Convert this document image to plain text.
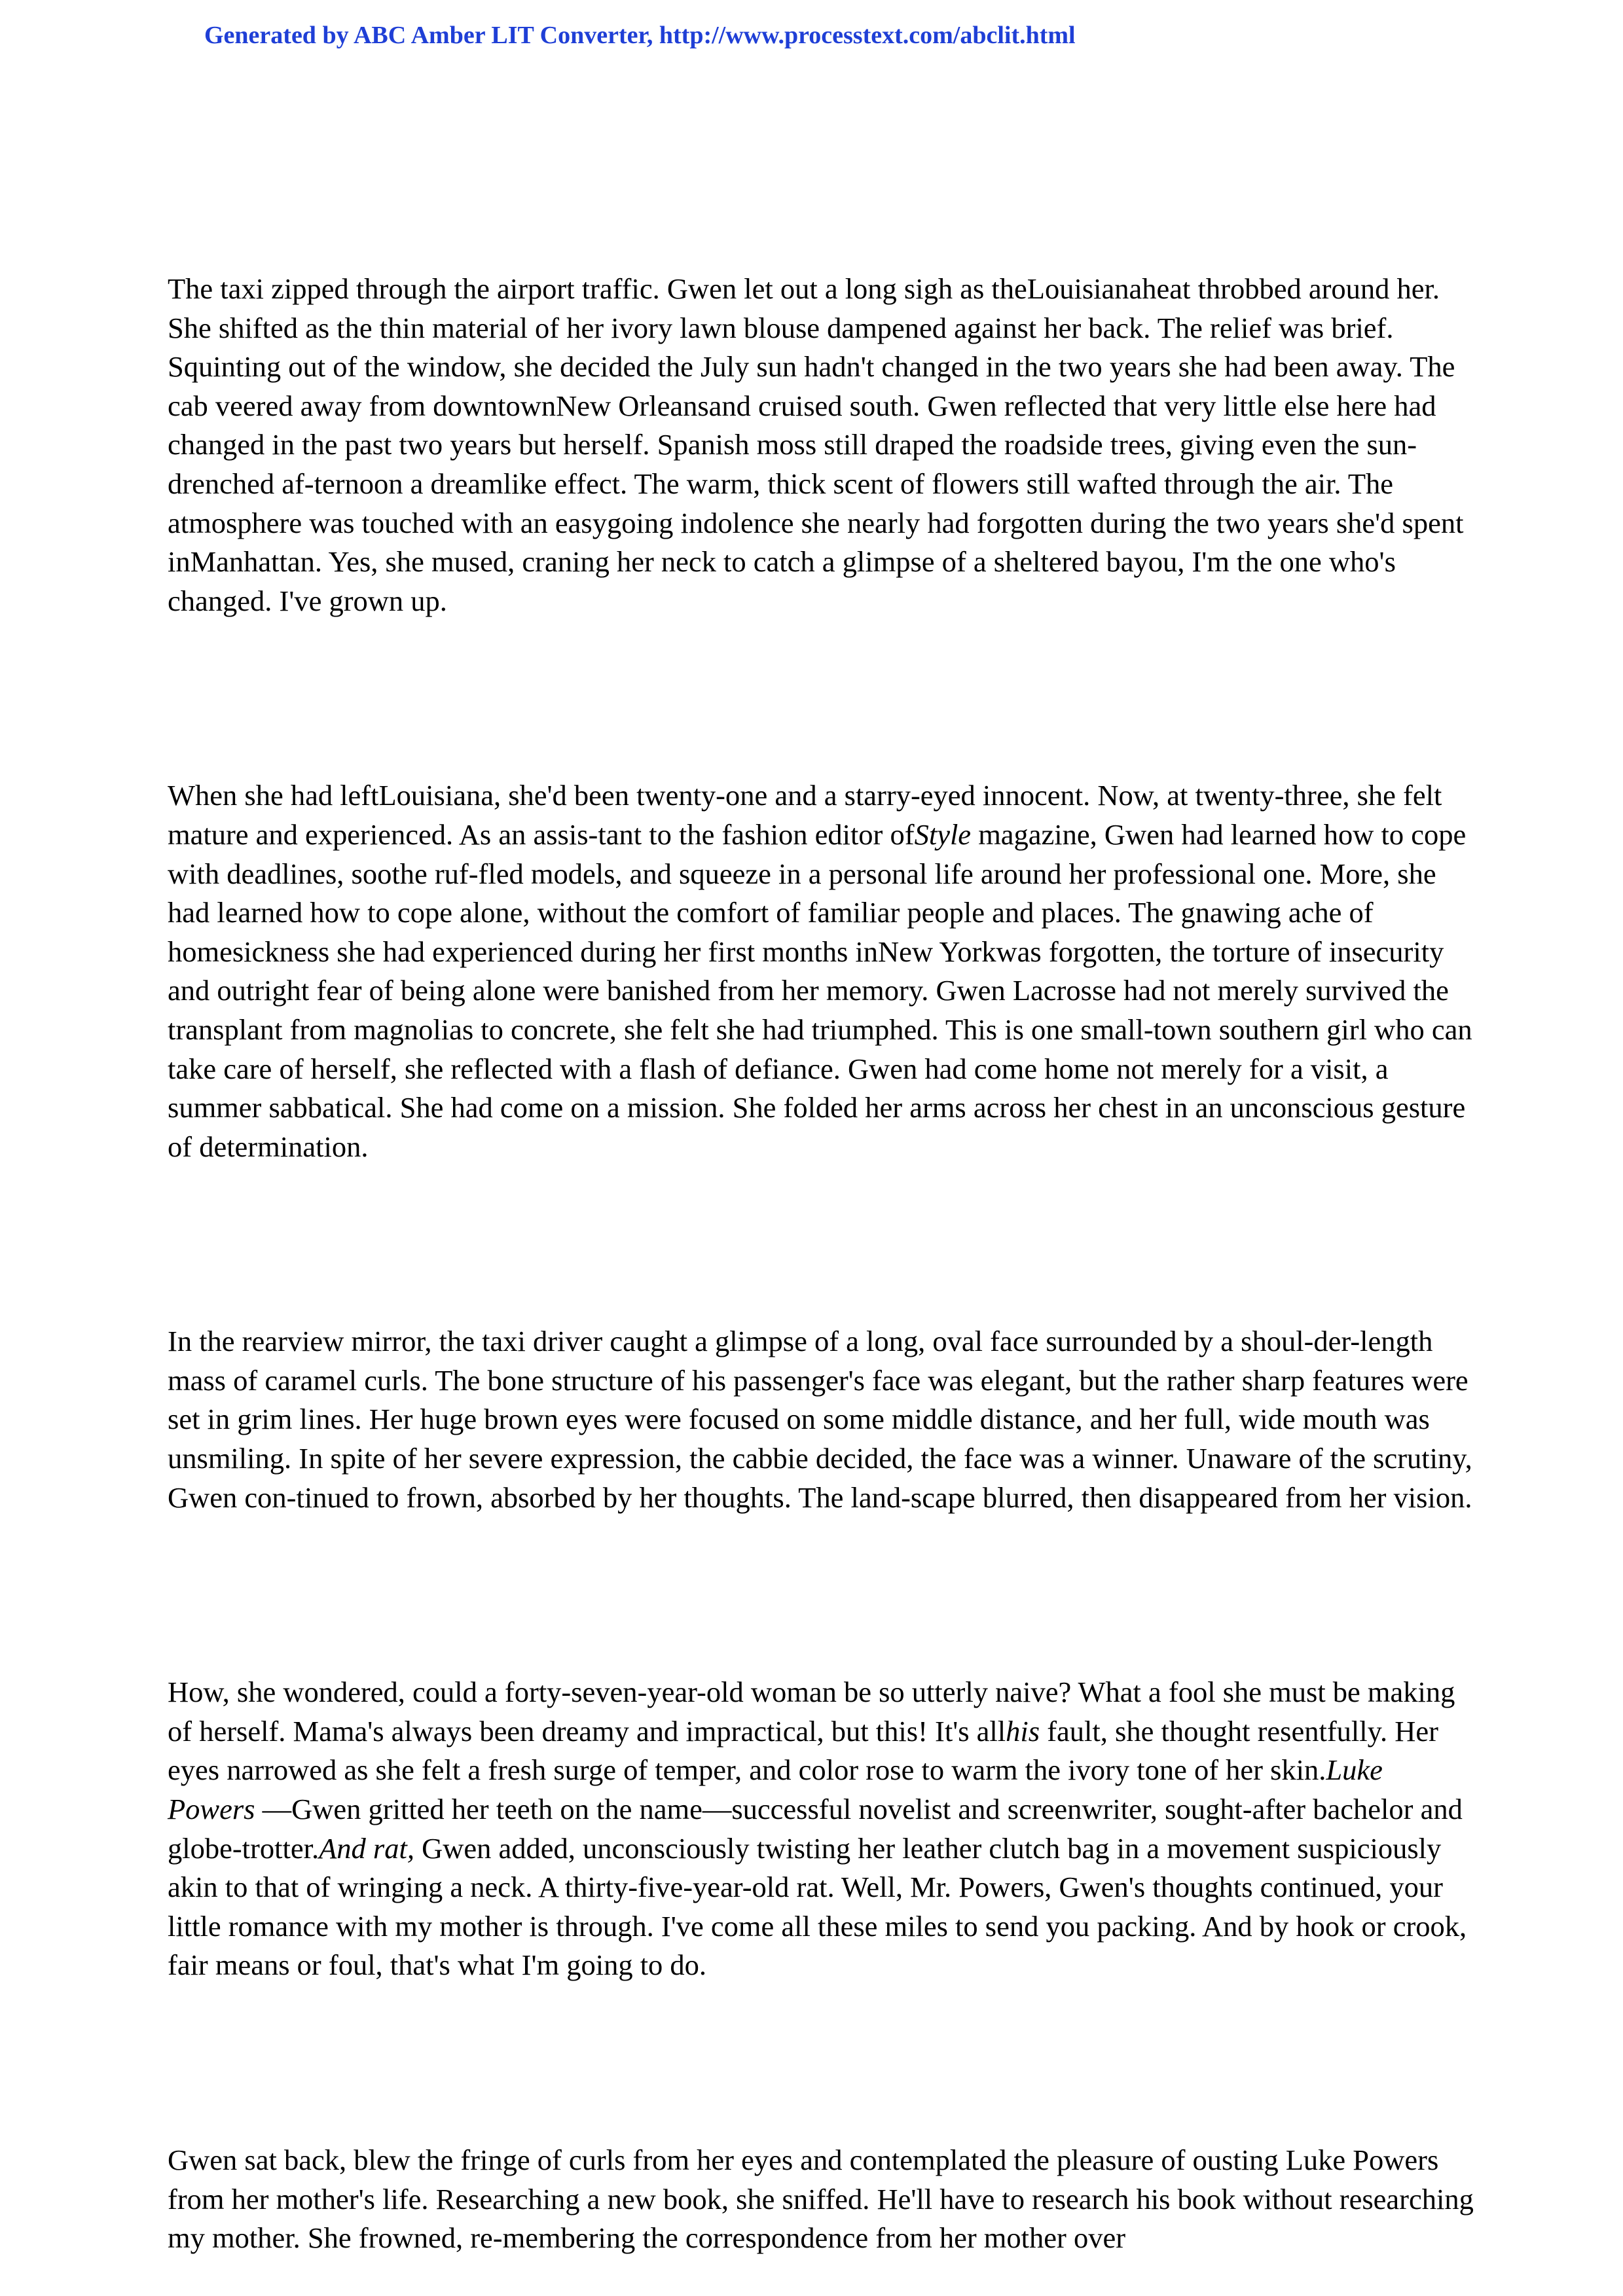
Generated by ABC Amber LIT Converter, http://www.processtext.com/abclit.html

The taxi zipped through the airport traffic. Gwen let out a long sigh as theLouisianaheat throbbed around her. She shifted as the thin material of her ivory lawn blouse dampened against her back. The relief was brief. Squinting out of the window, she decided the July sun hadn't changed in the two years she had been away. The cab veered away from downtownNew Orleansand cruised south. Gwen reflected that very little else here had changed in the past two years but herself. Spanish moss still draped the roadside trees, giving even the sun-drenched af-ternoon a dreamlike effect. The warm, thick scent of flowers still wafted through the air. The atmosphere was touched with an easygoing indolence she nearly had forgotten during the two years she'd spent inManhattan. Yes, she mused, craning her neck to catch a glimpse of a sheltered bayou, I'm the one who's changed. I've grown up.

When she had leftLouisiana, she'd been twenty-one and a starry-eyed innocent. Now, at twenty-three, she felt mature and experienced. As an assis-tant to the fashion editor ofStyle magazine, Gwen had learned how to cope with deadlines, soothe ruf-fled models, and squeeze in a personal life around her professional one. More, she had learned how to cope alone, without the comfort of familiar people and places. The gnawing ache of homesickness she had experienced during her first months inNew Yorkwas forgotten, the torture of insecurity and outright fear of being alone were banished from her memory. Gwen Lacrosse had not merely survived the transplant from magnolias to concrete, she felt she had triumphed. This is one small-town southern girl who can take care of herself, she reflected with a flash of defiance. Gwen had come home not merely for a visit, a summer sabbatical. She had come on a mission. She folded her arms across her chest in an unconscious gesture of determination.

In the rearview mirror, the taxi driver caught a glimpse of a long, oval face surrounded by a shoul-der-length mass of caramel curls. The bone structure of his passenger's face was elegant, but the rather sharp features were set in grim lines. Her huge brown eyes were focused on some middle distance, and her full, wide mouth was unsmiling. In spite of her severe expression, the cabbie decided, the face was a winner. Unaware of the scrutiny, Gwen con-tinued to frown, absorbed by her thoughts. The land-scape blurred, then disappeared from her vision.

How, she wondered, could a forty-seven-year-old woman be so utterly naive? What a fool she must be making of herself. Mama's always been dreamy and impractical, but this! It's allhis fault, she thought resentfully. Her eyes narrowed as she felt a fresh surge of temper, and color rose to warm the ivory tone of her skin.Luke Powers —Gwen gritted her teeth on the name—successful novelist and screenwriter, sought-after bachelor and globe-trotter.And rat, Gwen added, unconsciously twisting her leather clutch bag in a movement suspiciously akin to that of wringing a neck. A thirty-five-year-old rat. Well, Mr. Powers, Gwen's thoughts continued, your little romance with my mother is through. I've come all these miles to send you packing. And by hook or crook, fair means or foul, that's what I'm going to do.

Gwen sat back, blew the fringe of curls from her eyes and contemplated the pleasure of ousting Luke Powers from her mother's life. Researching a new book, she sniffed. He'll have to research his book without researching my mother. She frowned, re-membering the correspondence from her mother over
